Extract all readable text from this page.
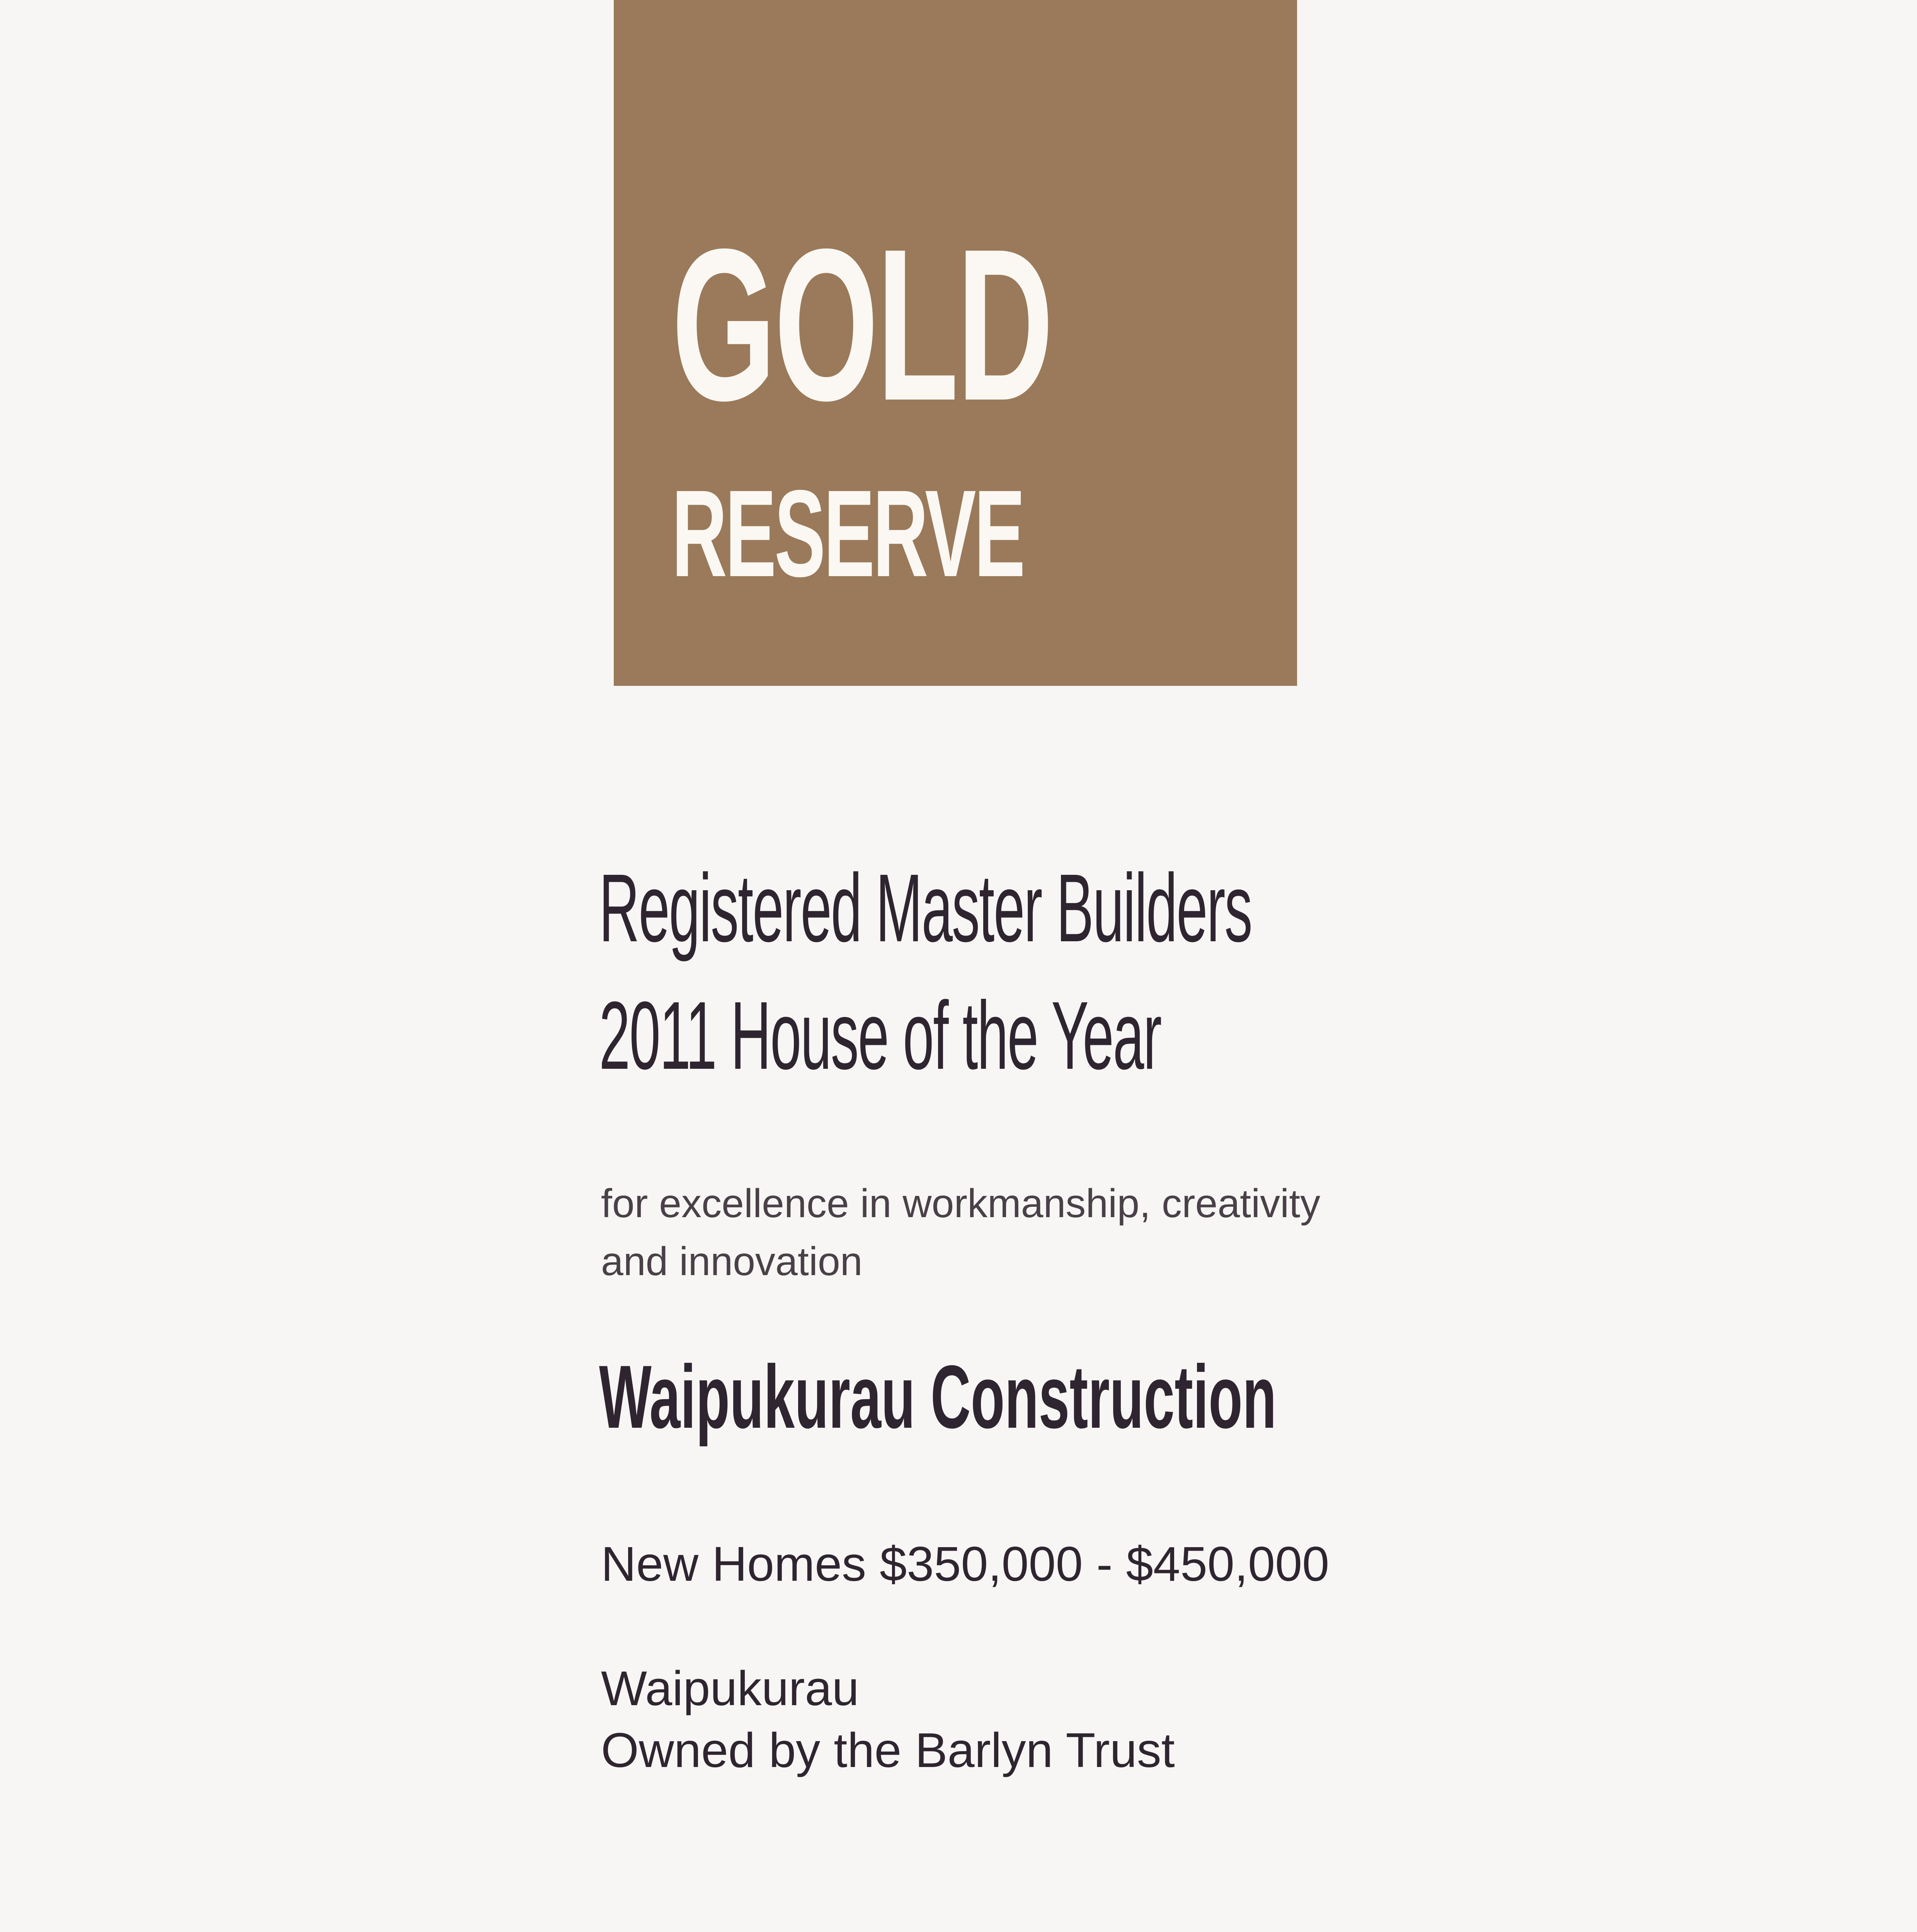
GOLD
RESERVE
Registered Master Builders
2011 House of the Year
for excellence in workmanship, creativity
and innovation
Waipukurau Construction
New Homes $350,000 - $450,000
Waipukurau
Owned by the Barlyn Trust
